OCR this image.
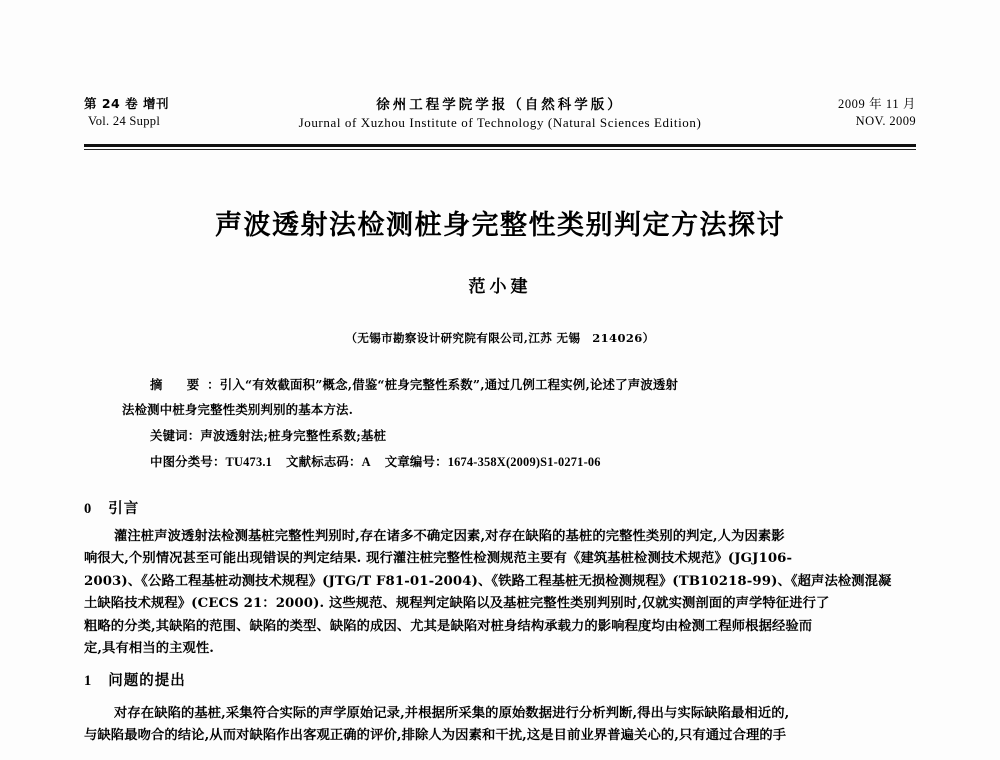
第 24 卷 增刊
Vol. 24 Suppl
徐州工程学院学报（自然科学版）
Journal of Xuzhou Institute of Technology (Natural Sciences Edition)
2009 年 11 月
NOV. 2009
声波透射法检测桩身完整性类别判定方法探讨
范小建
（无锡市勘察设计研究院有限公司,江苏 无锡　214026）
摘　要 ：引入“有效截面积”概念,借鉴“桩身完整性系数”,通过几例工程实例,论述了声波透射
法检测中桩身完整性类别判别的基本方法.
关键词：声波透射法;桩身完整性系数;基桩
中图分类号：TU473.1 文献标志码：A 文章编号：1674-358X(2009)S1-0271-06
0 引言
灌注桩声波透射法检测基桩完整性判别时,存在诸多不确定因素,对存在缺陷的基桩的完整性类别的判定,人为因素影
响很大,个别情况甚至可能出现错误的判定结果. 现行灌注桩完整性检测规范主要有《建筑基桩检测技术规范》(JGJ106-
2003)、《公路工程基桩动测技术规程》(JTG/T F81-01-2004)、《铁路工程基桩无损检测规程》(TB10218-99)、《超声法检测混凝
土缺陷技术规程》(CECS 21：2000). 这些规范、规程判定缺陷以及基桩完整性类别判别时,仅就实测剖面的声学特征进行了
粗略的分类,其缺陷的范围、缺陷的类型、缺陷的成因、尤其是缺陷对桩身结构承载力的影响程度均由检测工程师根据经验而
定,具有相当的主观性.
1 问题的提出
对存在缺陷的基桩,采集符合实际的声学原始记录,并根据所采集的原始数据进行分析判断,得出与实际缺陷最相近的,
与缺陷最吻合的结论,从而对缺陷作出客观正确的评价,排除人为因素和干扰,这是目前业界普遍关心的,只有通过合理的手
